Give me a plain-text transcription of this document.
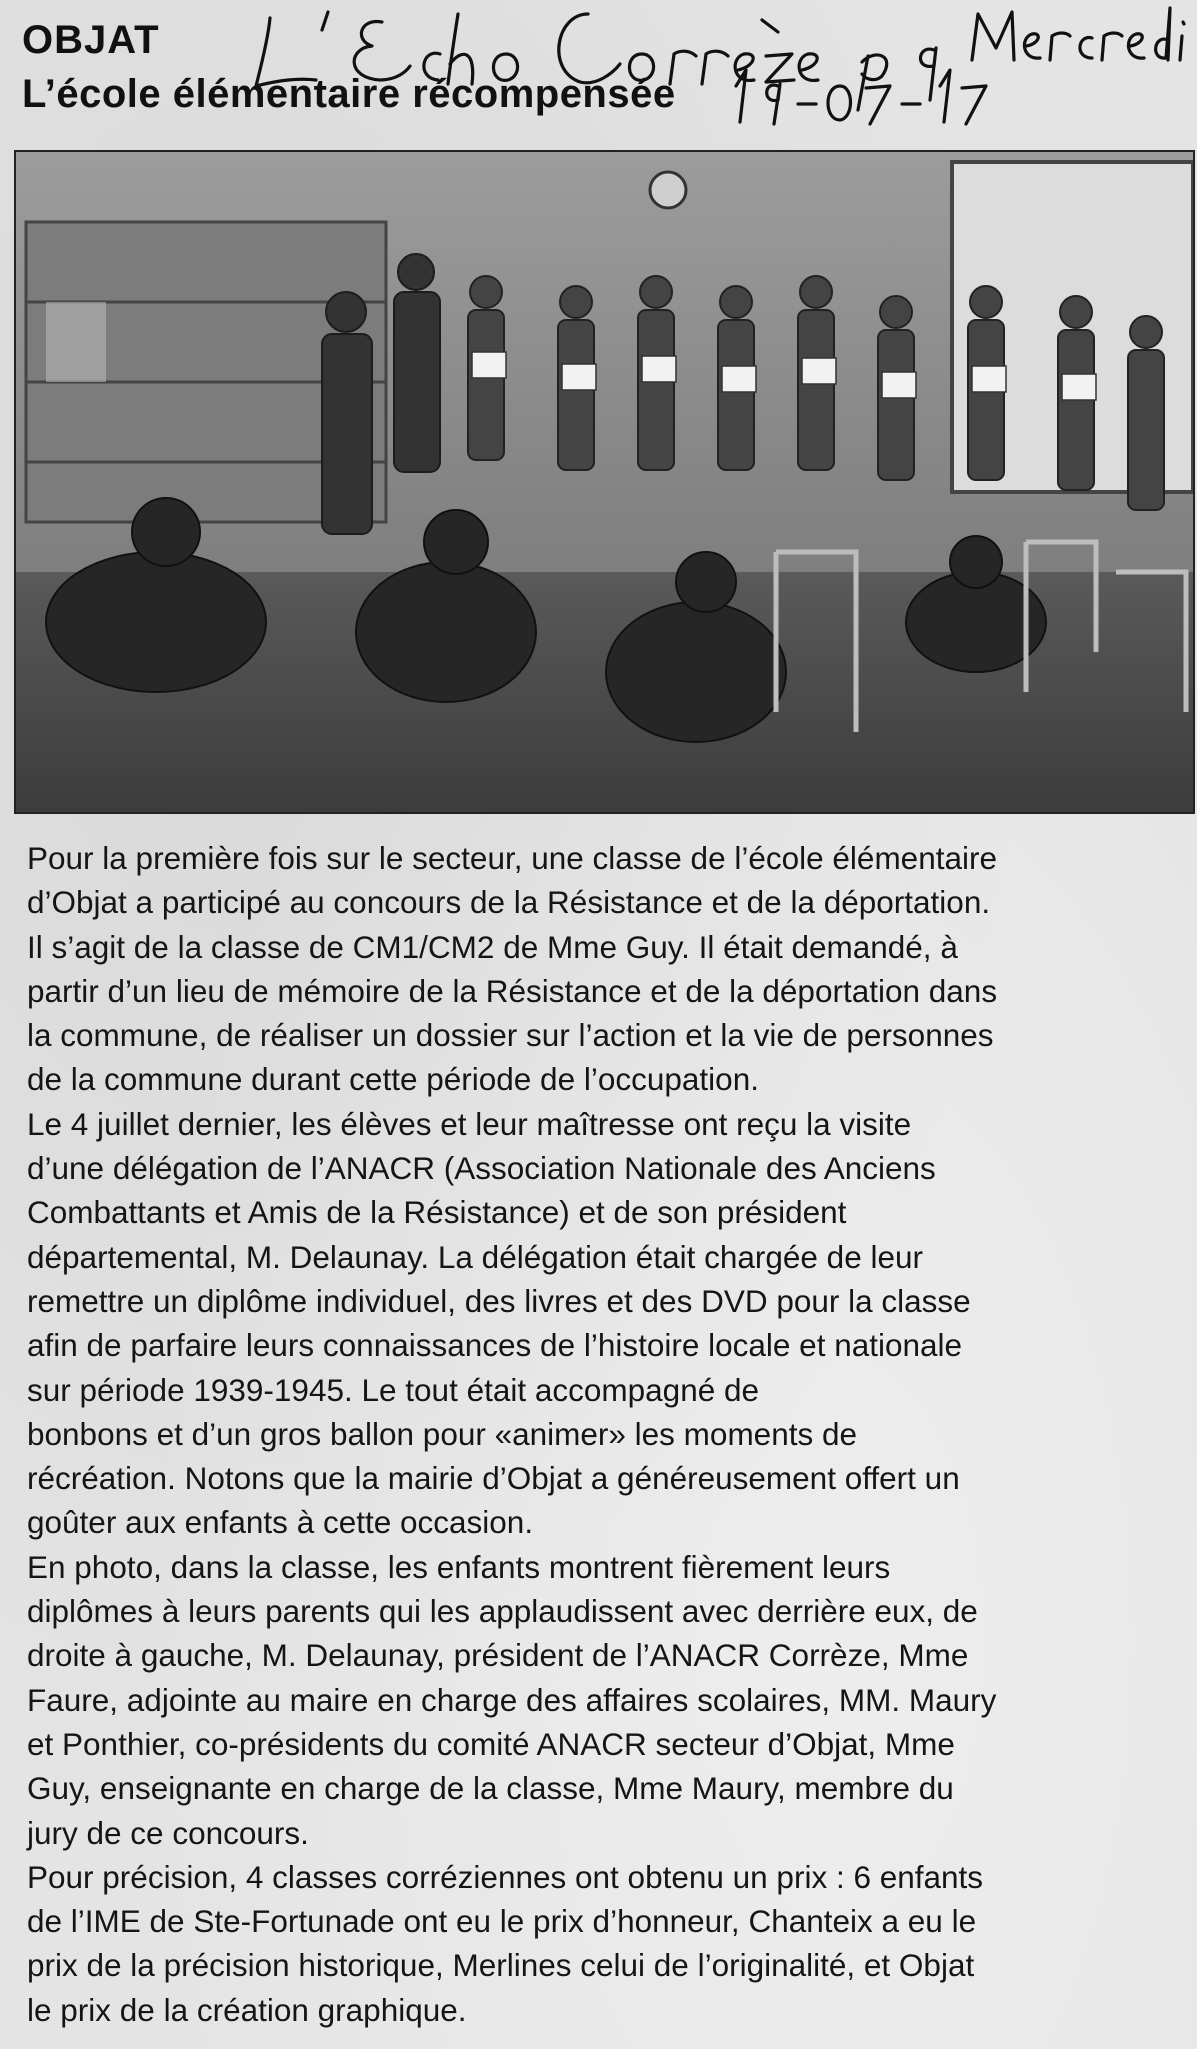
OBJAT
L’école élémentaire récompensée

Pour la première fois sur le secteur, une classe de l’école élémentaire

d’Objat a participé au concours de la Résistance et de la déportation.

Il s’agit de la classe de CM1/CM2 de Mme Guy. Il était demandé, à

partir d’un lieu de mémoire de la Résistance et de la déportation dans

la commune, de réaliser un dossier sur l’action et la vie de personnes

de la commune durant cette période de l’occupation.

Le 4 juillet dernier, les élèves et leur maîtresse ont reçu la visite

d’une délégation de l’ANACR (Association Nationale des Anciens

Combattants et Amis de la Résistance) et de son président

départemental, M. Delaunay. La délégation était chargée de leur

remettre un diplôme individuel, des livres et des DVD pour la classe

afin de parfaire leurs connaissances de l’histoire locale et nationale

sur période 1939-1945. Le tout était accompagné de

bonbons et d’un gros ballon pour «animer» les moments de

récréation. Notons que la mairie d’Objat a généreusement offert un

goûter aux enfants à cette occasion.

En photo, dans la classe, les enfants montrent fièrement leurs

diplômes à leurs parents qui les applaudissent avec derrière eux, de

droite à gauche, M. Delaunay, président de l’ANACR Corrèze, Mme

Faure, adjointe au maire en charge des affaires scolaires, MM. Maury

et Ponthier, co-présidents du comité ANACR secteur d’Objat, Mme

Guy, enseignante en charge de la classe, Mme Maury, membre du

jury de ce concours.

Pour précision, 4 classes corréziennes ont obtenu un prix : 6 enfants

de l’IME de Ste-Fortunade ont eu le prix d’honneur, Chanteix a eu le

prix de la précision historique, Merlines celui de l’originalité, et Objat

le prix de la création graphique.
